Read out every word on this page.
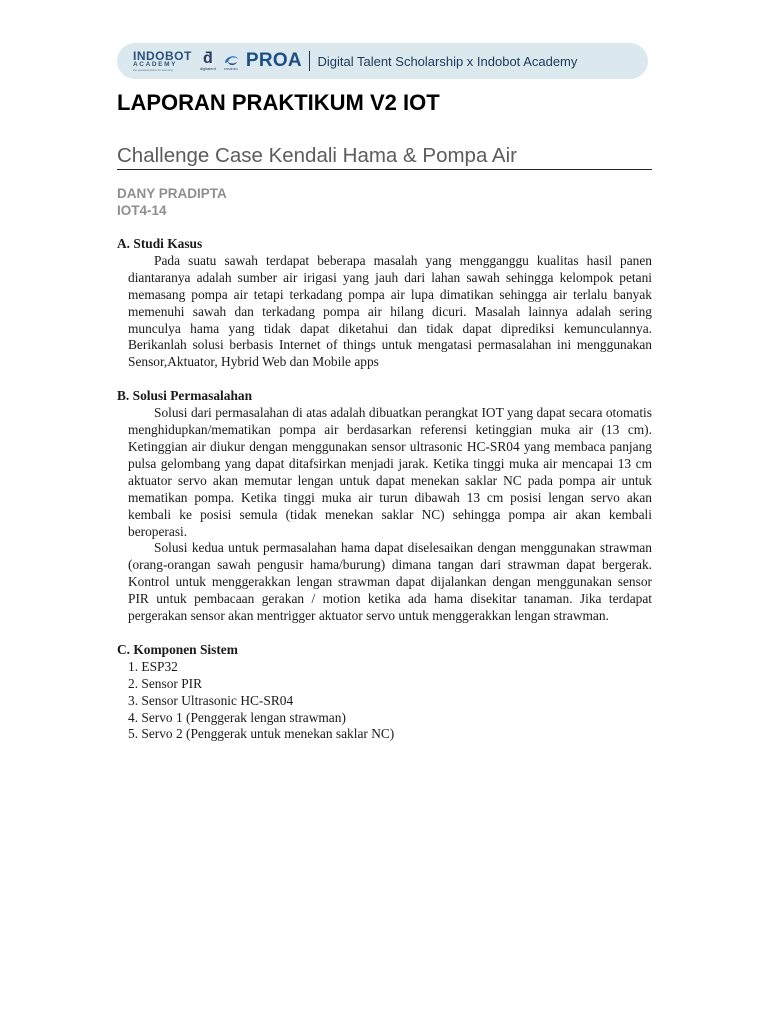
INDOBOT
ACADEMY
the greatest place for learning
ƌ
digitalent	KOMINFO PROA Digital Talent Scholarship x Indobot Academy
LAPORAN PRAKTIKUM V2 IOT
Challenge Case Kendali Hama & Pompa Air
DANY PRADIPTA
IOT4-14

A. Studi Kasus

Pada suatu sawah terdapat beberapa masalah yang mengganggu kualitas hasil panen diantaranya adalah sumber air irigasi yang jauh dari lahan sawah sehingga kelompok petani memasang pompa air tetapi terkadang pompa air lupa dimatikan sehingga air terlalu banyak memenuhi sawah dan terkadang pompa air hilang dicuri. Masalah lainnya adalah sering munculya hama yang tidak dapat diketahui dan tidak dapat diprediksi kemunculannya. Berikanlah solusi berbasis Internet of things untuk mengatasi permasalahan ini menggunakan Sensor,Aktuator, Hybrid Web dan Mobile apps

B. Solusi Permasalahan

Solusi dari permasalahan di atas adalah dibuatkan perangkat IOT yang dapat secara otomatis menghidupkan/mematikan pompa air berdasarkan referensi ketinggian muka air (13 cm). Ketinggian air diukur dengan menggunakan sensor ultrasonic HC-SR04 yang membaca panjang pulsa gelombang yang dapat ditafsirkan menjadi jarak. Ketika tinggi muka air mencapai 13 cm aktuator servo akan memutar lengan untuk dapat menekan saklar NC pada pompa air untuk mematikan pompa. Ketika tinggi muka air turun dibawah 13 cm posisi lengan servo akan kembali ke posisi semula (tidak menekan saklar NC) sehingga pompa air akan kembali beroperasi.

Solusi kedua untuk permasalahan hama dapat diselesaikan dengan menggunakan strawman (orang-orangan sawah pengusir hama/burung) dimana tangan dari strawman dapat bergerak. Kontrol untuk menggerakkan lengan strawman dapat dijalankan dengan menggunakan sensor PIR untuk pembacaan gerakan / motion ketika ada hama disekitar tanaman. Jika terdapat pergerakan sensor akan mentrigger aktuator servo untuk menggerakkan lengan strawman.

C. Komponen Sistem

1. ESP32
2. Sensor PIR
3. Sensor Ultrasonic HC-SR04
4. Servo 1 (Penggerak lengan strawman)
5. Servo 2 (Penggerak untuk menekan saklar NC)
